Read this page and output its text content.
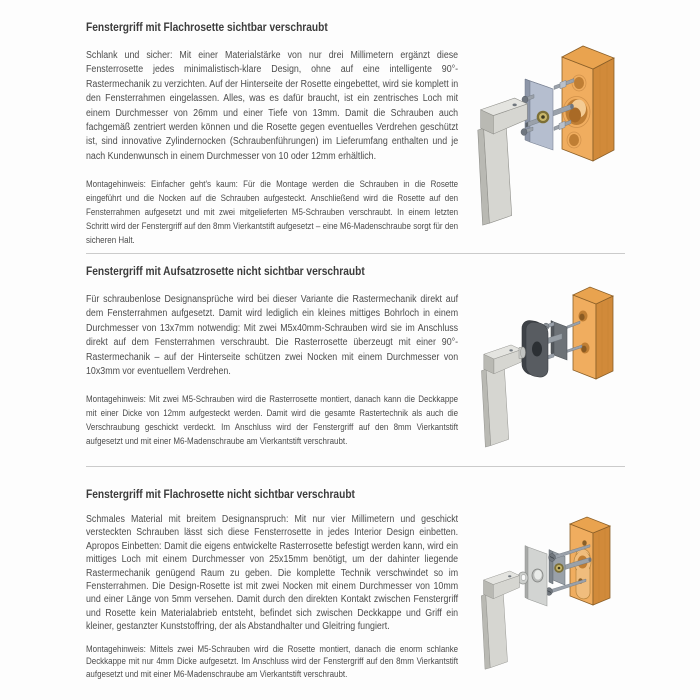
Fenstergriff mit Flachrosette sichtbar verschraubt

Schlank und sicher: Mit einer Materialstärke von nur drei Millimetern ergänzt diese Fensterrosette jedes minimalistisch-klare Design, ohne auf eine intelligente 90°-Rastermechanik zu verzichten. Auf der Hinterseite der Rosette eingebettet, wird sie komplett in den Fensterrahmen eingelassen. Alles, was es dafür braucht, ist ein zentrisches Loch mit einem Durchmesser von 26mm und einer Tiefe von 13mm. Damit die Schrauben auch fachgemäß zentriert werden können und die Rosette gegen eventuelles Verdrehen geschützt ist, sind innovative Zylindernocken (Schraubenführungen) im Lieferumfang enthalten und je nach Kundenwunsch in einem Durchmesser von 10 oder 12mm erhältlich.

Montagehinweis: Einfacher geht's kaum: Für die Montage werden die Schrauben in die Rosette eingeführt und die Nocken auf die Schrauben aufgesteckt. Anschließend wird die Rosette auf den Fensterrahmen aufgesetzt und mit zwei mitgelieferten M5-Schrauben verschraubt. In einem letzten Schritt wird der Fenstergriff auf den 8mm Vierkantstift aufgesetzt – eine M6-Madenschraube sorgt für den sicheren Halt.

Fenstergriff mit Aufsatzrosette nicht sichtbar verschraubt

Für schraubenlose Designansprüche wird bei dieser Variante die Rastermechanik direkt auf dem Fensterrahmen aufgesetzt. Damit wird lediglich ein kleines mittiges Bohrloch in einem Durchmesser von 13x7mm notwendig: Mit zwei M5x40mm-Schrauben wird sie im Anschluss direkt auf dem Fensterrahmen verschraubt. Die Rasterrosette überzeugt mit einer 90°-Rastermechanik – auf der Hinterseite schützen zwei Nocken mit einem Durchmesser von 10x3mm vor eventuellem Verdrehen.

Montagehinweis: Mit zwei M5-Schrauben wird die Rasterrosette montiert, danach kann die Deckkappe mit einer Dicke von 12mm aufgesteckt werden. Damit wird die gesamte Rastertechnik als auch die Verschraubung geschickt verdeckt. Im Anschluss wird der Fenstergriff auf den 8mm Vierkantstift aufgesetzt und mit einer M6-Madenschraube am Vierkantstift verschraubt.

Fenstergriff mit Flachrosette nicht sichtbar verschraubt

Schmales Material mit breitem Designanspruch: Mit nur vier Millimetern und geschickt versteckten Schrauben lässt sich diese Fensterrosette in jedes Interior Design einbetten. Apropos Einbetten: Damit die eigens entwickelte Rasterrosette befestigt werden kann, wird ein mittiges Loch mit einem Durchmesser von 25x15mm benötigt, um der dahinter liegende Rastermechanik genügend Raum zu geben. Die komplette Technik verschwindet so im Fensterrahmen. Die Design-Rosette ist mit zwei Nocken mit einem Durchmesser von 10mm und einer Länge von 5mm versehen. Damit durch den direkten Kontakt zwischen Fenstergriff und Rosette kein Materialabrieb entsteht, befindet sich zwischen Deckkappe und Griff ein kleiner, gestanzter Kunststoffring, der als Abstandhalter und Gleitring fungiert.

Montagehinweis: Mittels zwei M5-Schrauben wird die Rosette montiert, danach die enorm schlanke Deckkappe mit nur 4mm Dicke aufgesetzt. Im Anschluss wird der Fenstergriff auf den 8mm Vierkantstift aufgesetzt und mit einer M6-Madenschraube am Vierkantstift verschraubt.
